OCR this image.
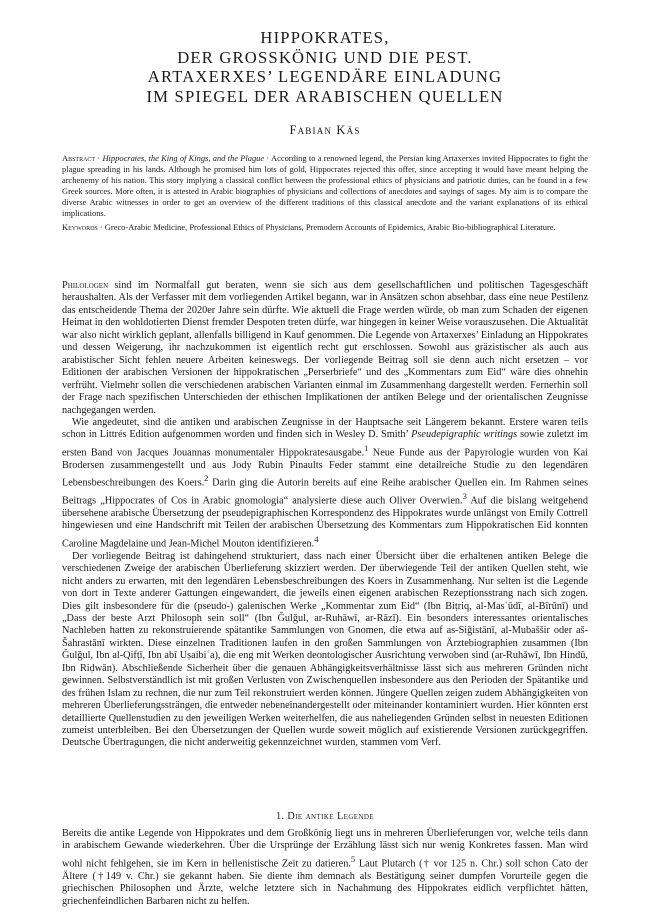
HIPPOKRATES,
DER GROSSKÖNIG UND DIE PEST.
ARTAXERXES’ LEGENDÄRE EINLADUNG
IM SPIEGEL DER ARABISCHEN QUELLEN
Fabian Käs

Abstract · Hippocrates, the King of Kings, and the Plague · According to a renowned legend, the Persian king Artaxerxes invited Hippocrates to fight the plague spreading in his lands. Although he promised him lots of gold, Hippocrates rejected this offer, since accepting it would have meant helping the archenemy of his nation. This story implying a classical conflict between the professional ethics of physicians and patriotic duties, can be found in a few Greek sources. More often, it is attested in Arabic biographies of physicians and collections of anecdotes and sayings of sages. My aim is to compare the diverse Arabic witnesses in order to get an overview of the different traditions of this classical anecdote and the variant explanations of its ethical implications.

Keywords · Greco-Arabic Medicine, Professional Ethics of Physicians, Premodern Accounts of Epidemics, Arabic Bio-bibliographical Literature.

Philologen sind im Normalfall gut beraten, wenn sie sich aus dem gesellschaftlichen und politischen Tagesgeschäft heraushalten. Als der Verfasser mit dem vorliegenden Artikel begann, war in Ansätzen schon absehbar, dass eine neue Pestilenz das entscheidende Thema der 2020er Jahre sein dürfte. Wie aktuell die Frage werden würde, ob man zum Schaden der eigenen Heimat in den wohldotierten Dienst fremder Despoten treten dürfe, war hingegen in keiner Weise vorauszusehen. Die Aktualität war also nicht wirklich geplant, allenfalls billigend in Kauf genommen. Die Legende von Artaxerxes’ Einladung an Hippokrates und dessen Weigerung, ihr nachzukommen ist eigentlich recht gut erschlossen. Sowohl aus gräzistischer als auch aus arabistischer Sicht fehlen neuere Arbeiten keineswegs. Der vorliegende Beitrag soll sie denn auch nicht ersetzen – vor Editionen der arabischen Versionen der hippokratischen „Perserbriefe“ und des „Kommentars zum Eid“ wäre dies ohnehin verfrüht. Vielmehr sollen die verschiedenen arabischen Varianten einmal im Zusammenhang dargestellt werden. Fernerhin soll der Frage nach spezifischen Unterschieden der ethischen Implikationen der antiken Belege und der orientalischen Zeugnisse nachgegangen werden.

Wie angedeutet, sind die antiken und arabischen Zeugnisse in der Hauptsache seit Längerem bekannt. Erstere waren teils schon in Littrés Edition aufgenommen worden und finden sich in Wesley D. Smith’ Pseudepigraphic writings sowie zuletzt im ersten Band von Jacques Jouannas monumentaler Hippokratesausgabe.$^1$ Neue Funde aus der Papyrologie wurden von Kai Brodersen zusammengestellt und aus Jody Rubin Pinaults Feder stammt eine detailreiche Studie zu den legendären Lebensbeschreibungen des Koers.$^2$ Darin ging die Autorin bereits auf eine Reihe arabischer Quellen ein. Im Rahmen seines Beitrags „Hippocrates of Cos in Arabic gnomologia“ analysierte diese auch Oliver Overwien.$^3$ Auf die bislang weitgehend übersehene arabische Übersetzung der pseudepigraphischen Korrespondenz des Hippokrates wurde unlängst von Emily Cottrell hingewiesen und eine Handschrift mit Teilen der arabischen Übersetzung des Kommentars zum Hippokratischen Eid konnten Caroline Magdelaine und Jean-Michel Mouton identifizieren.$^4$

Der vorliegende Beitrag ist dahingehend strukturiert, dass nach einer Übersicht über die erhaltenen antiken Belege die verschiedenen Zweige der arabischen Überlieferung skizziert werden. Der überwiegende Teil der antiken Quellen steht, wie nicht anders zu erwarten, mit den legendären Lebensbeschreibungen des Koers in Zusammenhang. Nur selten ist die Legende von dort in Texte anderer Gattungen eingewandert, die jeweils einen eigenen arabischen Rezeptionsstrang nach sich zogen. Dies gilt insbesondere für die (pseudo-) galenischen Werke „Kommentar zum Eid“ (Ibn Biṭriq, al-Masʿūdī, al-Bīrūnī) und „Dass der beste Arzt Philosoph sein soll“ (Ibn Ǧulǧul, ar-Ruhāwī, ar-Rāzī). Ein besonders interessantes orientalisches Nachleben hatten zu rekonstruierende spätantike Sammlungen von Gnomen, die etwa auf as-Siǧistānī, al-Mubaššir oder aš-Šahrastānī wirkten. Diese einzelnen Traditionen laufen in den großen Sammlungen von Ärztebiographien zusammen (Ibn Ǧulǧul, Ibn al-Qifṭī, Ibn abī Uṣaibiʿa), die eng mit Werken deontologischer Ausrichtung verwoben sind (ar-Ruhāwī, Ibn Hindū, Ibn Riḍwān). Abschließende Sicherheit über die genauen Abhängigkeitsverhältnisse lässt sich aus mehreren Gründen nicht gewinnen. Selbstverständlich ist mit großen Verlusten von Zwischenquellen insbesondere aus den Perioden der Spätantike und des frühen Islam zu rechnen, die nur zum Teil rekonstruiert werden können. Jüngere Quellen zeigen zudem Abhängigkeiten von mehreren Überlieferungssträngen, die entweder nebeneinandergestellt oder miteinander kontaminiert wurden. Hier könnten erst detaillierte Quellenstudien zu den jeweiligen Werken weiterhelfen, die aus naheliegenden Gründen selbst in neuesten Editionen zumeist unterbleiben. Bei den Übersetzungen der Quellen wurde soweit möglich auf existierende Versionen zurückgegriffen. Deutsche Übertragungen, die nicht anderweitig gekennzeichnet wurden, stammen vom Verf.

1. Die antike Legende

Bereits die antike Legende von Hippokrates und dem Großkönig liegt uns in mehreren Überlieferungen vor, welche teils dann in arabischem Gewande wiederkehren. Über die Ursprünge der Erzählung lässt sich nur wenig Konkretes fassen. Man wird wohl nicht fehlgehen, sie im Kern in hellenistische Zeit zu datieren.$^5$ Laut Plutarch († vor 125 n. Chr.) soll schon Cato der Ältere (†149 v. Chr.) sie gekannt haben. Sie diente ihm demnach als Bestätigung seiner dumpfen Vorurteile gegen die griechischen Philosophen und Ärzte, welche letztere sich in Nachahmung des Hippokrates eidlich verpflichtet hätten, griechenfeindlichen Barbaren nicht zu helfen.
